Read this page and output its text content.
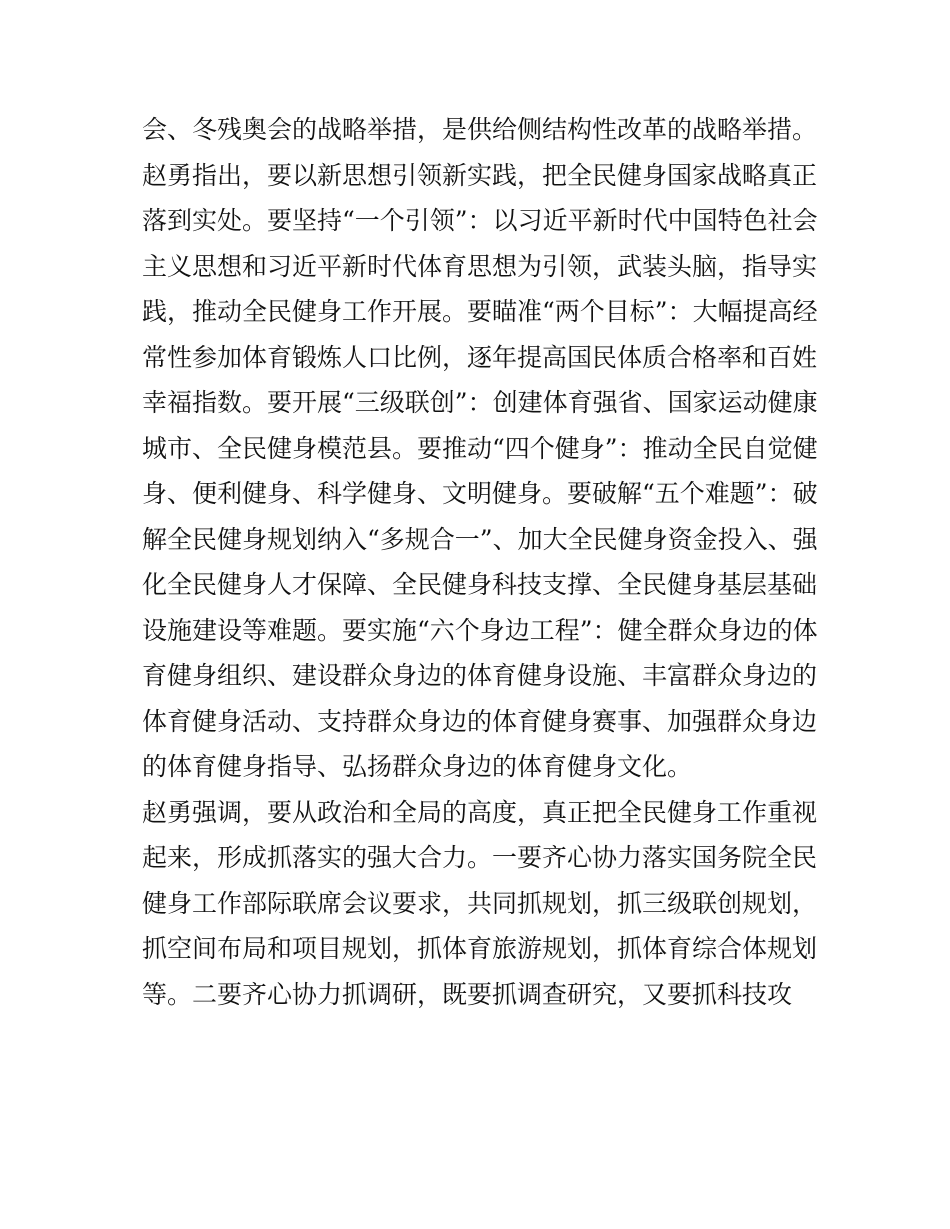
会、冬残奥会的战略举措，是供给侧结构性改革的战略举措。
赵勇指出，要以新思想引领新实践，把全民健身国家战略真正
落到实处。要坚持“一个引领”：以习近平新时代中国特色社会
主义思想和习近平新时代体育思想为引领，武装头脑，指导实
践，推动全民健身工作开展。要瞄准“两个目标”：大幅提高经
常性参加体育锻炼人口比例，逐年提高国民体质合格率和百姓
幸福指数。要开展“三级联创”：创建体育强省、国家运动健康
城市、全民健身模范县。要推动“四个健身”：推动全民自觉健
身、便利健身、科学健身、文明健身。要破解“五个难题”：破
解全民健身规划纳入“多规合一”、加大全民健身资金投入、强
化全民健身人才保障、全民健身科技支撑、全民健身基层基础
设施建设等难题。要实施“六个身边工程”：健全群众身边的体
育健身组织、建设群众身边的体育健身设施、丰富群众身边的
体育健身活动、支持群众身边的体育健身赛事、加强群众身边
的体育健身指导、弘扬群众身边的体育健身文化。
赵勇强调，要从政治和全局的高度，真正把全民健身工作重视
起来，形成抓落实的强大合力。一要齐心协力落实国务院全民
健身工作部际联席会议要求，共同抓规划，抓三级联创规划，
抓空间布局和项目规划，抓体育旅游规划，抓体育综合体规划
等。二要齐心协力抓调研，既要抓调查研究，又要抓科技攻
